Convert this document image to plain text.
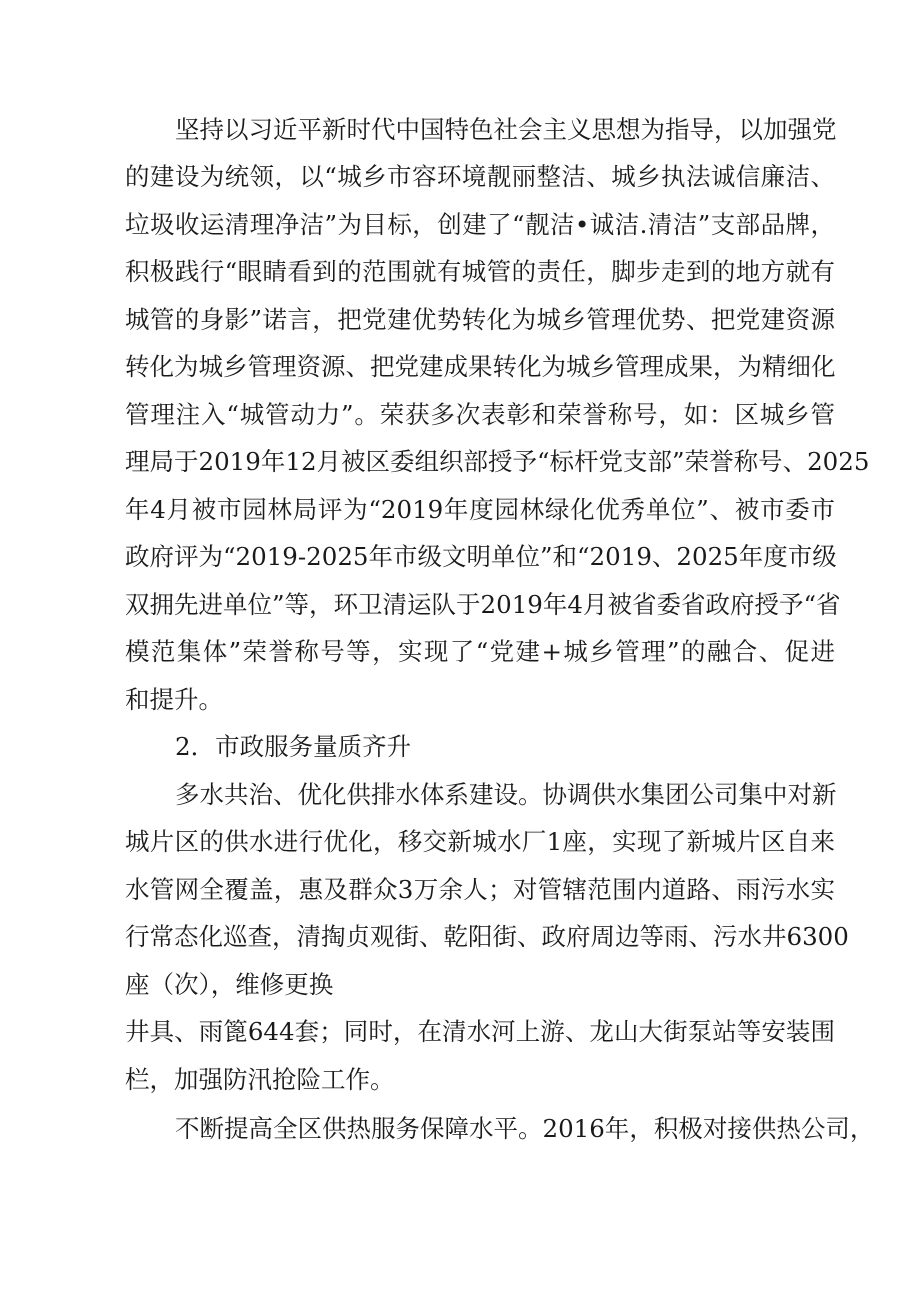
坚持以习近平新时代中国特色社会主义思想为指导，以加强党
的建设为统领，以“城乡市容环境靓丽整洁、城乡执法诚信廉洁、
垃圾收运清理净洁”为目标，创建了“靓洁•诚洁.清洁”支部品牌，
积极践行“眼睛看到的范围就有城管的责任，脚步走到的地方就有
城管的身影”诺言，把党建优势转化为城乡管理优势、把党建资源
转化为城乡管理资源、把党建成果转化为城乡管理成果，为精细化
管理注入“城管动力”。荣获多次表彰和荣誉称号，如：区城乡管
理局于2019年12月被区委组织部授予“标杆党支部”荣誉称号、2025
年4月被市园林局评为“2019年度园林绿化优秀单位”、被市委市
政府评为“2019-2025年市级文明单位”和“2019、2025年度市级
双拥先进单位”等，环卫清运队于2019年4月被省委省政府授予“省
模范集体”荣誉称号等，实现了“党建+城乡管理”的融合、促进
和提升。
2．市政服务量质齐升
多水共治、优化供排水体系建设。协调供水集团公司集中对新
城片区的供水进行优化，移交新城水厂1座，实现了新城片区自来
水管网全覆盖，惠及群众3万余人；对管辖范围内道路、雨污水实
行常态化巡查，清掏贞观街、乾阳街、政府周边等雨、污水井6300
座（次），维修更换
井具、雨篦644套；同时，在清水河上游、龙山大街泵站等安装围
栏，加强防汛抢险工作。
不断提高全区供热服务保障水平。2016年，积极对接供热公司，
